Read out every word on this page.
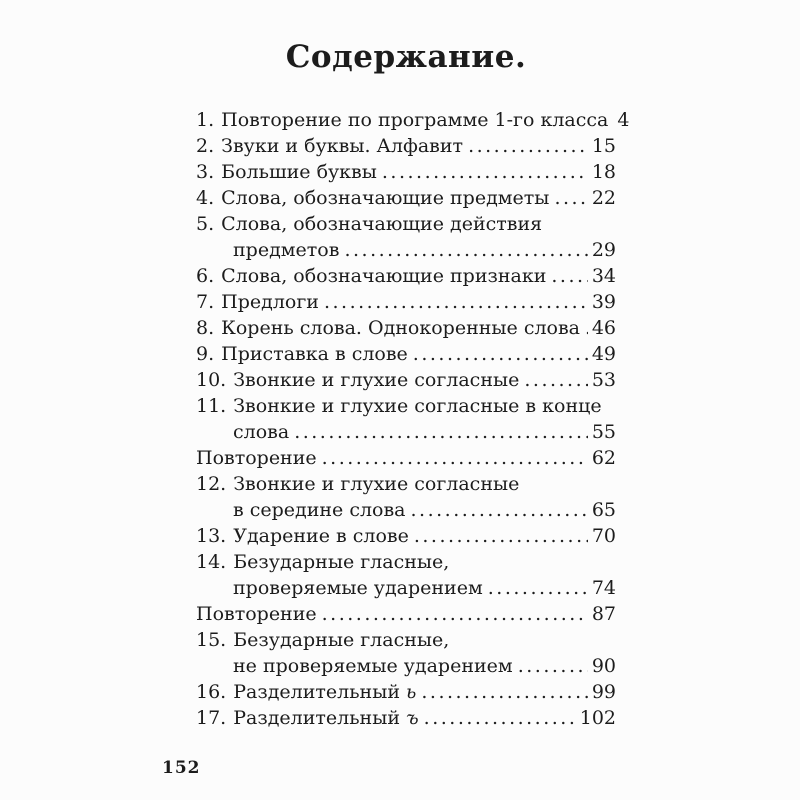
Содержание.
1. Повторение по программе 1-го класса 4
2. Звуки и буквы. Алфавит .....	15
3. Большие буквы .....	18
4. Слова, обозначающие предметы ..... 22
5. Слова, обозначающие действия
предметов .....	29
6. Слова, обозначающие признаки ..... 34
7. Предлоги .....	39
8. Корень слова. Однокоренные слова ..... 46
9. Приставка в слове .....	49
10. Звонкие и глухие согласные .....	53
11. Звонкие и глухие согласные в конце
слова .....	55
Повторение .....	62
12. Звонкие и глухие согласные
в середине слова .....	65
13. Ударение в слове .....	70
14. Безударные гласные,
проверяемые ударением .....	74
Повторение .....	87
15. Безударные гласные,
не проверяемые ударением .....	90
16. Разделительный ь .....	99
17. Разделительный ъ .....	102
152
